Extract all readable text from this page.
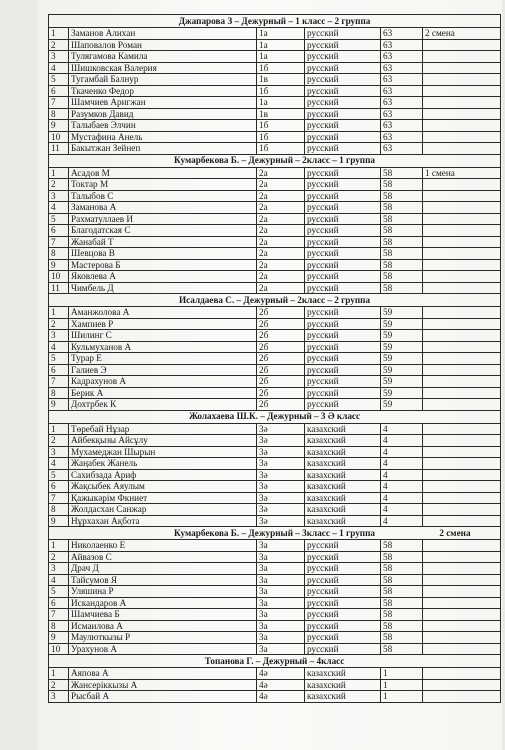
Джапарова З – Дежурный – 1 класс – 2 группа					
1	Заманов Алихан	1а	русский	63	2 смена
2	Шаповалов Роман	1а	русский	63	
3	Тулягамова Камила	1а	русский	63	
4	Шишковская Валерия	1б	русский	63	
5	Тугамбай Балнур	1в	русский	63	
6	Ткаченко Федор	1б	русский	63	
7	Шамчиев Аригжан	1а	русский	63	
8	Разумков Давид	1в	русский	63	
9	Талыбаев Элчин	1б	русский	63	
10	Мустафина Анель	1б	русский	63	
11	Бакытжан Зейнеп	1б	русский	63	
Кумарбекова Б. – Дежурный – 2класс – 1 группа					
1	Асадов М	2а	русский	58	1 смена
2	Токтар М	2а	русский	58	
3	Талыбов С	2а	русский	58	
4	Заманова А	2а	русский	58	
5	Рахматуллаев И	2а	русский	58	
6	Благодатская С	2а	русский	58	
7	Жанабай Т	2а	русский	58	
8	Шевцова В	2а	русский	58	
9	Мастерова Б	2а	русский	58	
10	Яковлева А	2а	русский	58	
11	Чимбель Д	2а	русский	58	
Исалдаева С. – Дежурный – 2класс – 2 группа					
1	Аманжолова А	2б	русский	59	
2	Хампиев Р	2б	русский	59	
3	Шилинг С	2б	русский	59	
4	Кульмуханов А	2б	русский	59	
5	Турар Е	2б	русский	59	
6	Галиев Э	2б	русский	59	
7	Кадрахунов А	2б	русский	59	
8	Берик А	2б	русский	59	
9	Дохтрбек К	2б	русский	59	
Жолахаева Ш.К. – Дежурный – 3 Ә класс					
1	Төребай Нұзар	3ә	казахский	4	
2	Айбекқызы Айсұлу	3ә	казахский	4	
3	Мухамеджан Шырын	3ә	казахский	4	
4	Жаңабек Жанель	3ә	казахский	4	
5	Сахибзада Ариф	3ә	казахский	4	
6	Жақсыбек Аяулым	3ә	казахский	4	
7	Қажыкәрім Фкниет	3ә	казахский	4	
8	Жолдасхан Санжар	3ә	казахский	4	
9	Нұрхахан Ақбота	3ә	казахский	4	
Кумарбекова Б. – Дежурный – 3класс – 1 группа 2 смена					

1	Николаенко Е	3а	русский	58	
2	Айвазов С	3а	русский	58	
3	Драч Д	3а	русский	58	
4	Тайсумов Я	3а	русский	58	
5	Уляшина Р	3а	русский	58	
6	Искандаров А	3а	русский	58	
7	Шамчиева Б	3а	русский	58	
8	Исмаилова А	3а	русский	58	
9	Маулюткызы Р	3а	русский	58	
10	Урахунов А	3а	русский	58	
Топанова Г. – Дежурный – 4класс					
1	Аяпова А	4ә	казахский	1	
2	Жансеріккызы А	4ә	казахский	1	
3	Рысбай А	4ә	казахский	1	
